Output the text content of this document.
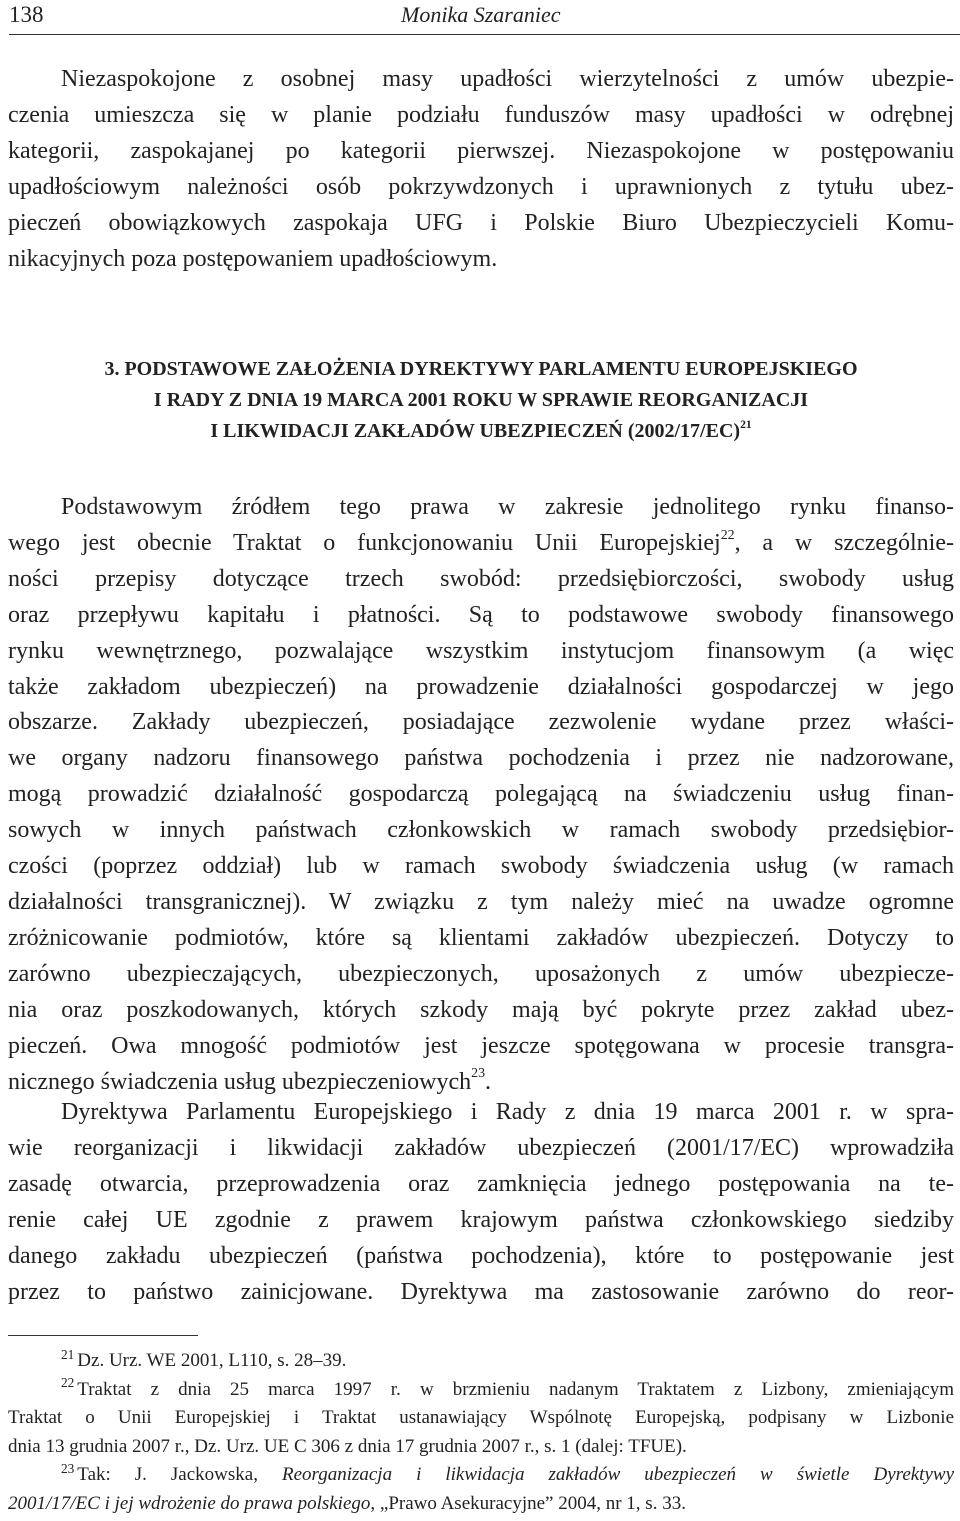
138	Monika Szaraniec

Niezaspokojone z osobnej masy upadłości wierzytelności z umów ubezpie-
czenia umieszcza się w planie podziału funduszów masy upadłości w odrębnej
kategorii, zaspokajanej po kategorii pierwszej. Niezaspokojone w postępowaniu
upadłościowym należności osób pokrzywdzonych i uprawnionych z tytułu ubez-
pieczeń obowiązkowych zaspokaja UFG i Polskie Biuro Ubezpieczycieli Komu-
nikacyjnych poza postępowaniem upadłościowym.

3. PODSTAWOWE ZAŁOŻENIA DYREKTYWY PARLAMENTU EUROPEJSKIEGO
I RADY Z DNIA 19 MARCA 2001 ROKU W SPRAWIE REORGANIZACJI
I LIKWIDACJI ZAKŁADÓW UBEZPIECZEŃ $(2002/17/EC)^{21}$

Podstawowym źródłem tego prawa w zakresie jednolitego rynku finanso-
wego jest obecnie Traktat o funkcjonowaniu Unii Europejskiej$^{22}$, a w szczególnie-
ności przepisy dotyczące trzech swobód: przedsiębiorczości, swobody usług
oraz przepływu kapitału i płatności. Są to podstawowe swobody finansowego
rynku wewnętrznego, pozwalające wszystkim instytucjom finansowym (a więc
także zakładom ubezpieczeń) na prowadzenie działalności gospodarczej w jego
obszarze. Zakłady ubezpieczeń, posiadające zezwolenie wydane przez właści-
we organy nadzoru finansowego państwa pochodzenia i przez nie nadzorowane,
mogą prowadzić działalność gospodarczą polegającą na świadczeniu usług finan-
sowych w innych państwach członkowskich w ramach swobody przedsiębior-
czości (poprzez oddział) lub w ramach swobody świadczenia usług (w ramach
działalności transgranicznej). W związku z tym należy mieć na uwadze ogromne
zróżnicowanie podmiotów, które są klientami zakładów ubezpieczeń. Dotyczy to
zarówno ubezpieczających, ubezpieczonych, uposażonych z umów ubezpiecze-
nia oraz poszkodowanych, których szkody mają być pokryte przez zakład ubez-
pieczeń. Owa mnogość podmiotów jest jeszcze spotęgowana w procesie transgra-
nicznego świadczenia usług ubezpieczeniowych$^{23}$.

Dyrektywa Parlamentu Europejskiego i Rady z dnia 19 marca 2001 r. w spra-
wie reorganizacji i likwidacji zakładów ubezpieczeń (2001/17/EC) wprowadziła
zasadę otwarcia, przeprowadzenia oraz zamknięcia jednego postępowania na te-
renie całej UE zgodnie z prawem krajowym państwa członkowskiego siedziby
danego zakładu ubezpieczeń (państwa pochodzenia), które to postępowanie jest
przez to państwo zainicjowane. Dyrektywa ma zastosowanie zarówno do reor-

$^{21}$ Dz. Urz. WE 2001, L110, s. 28–39.
$^{22}$ Traktat z dnia 25 marca 1997 r. w brzmieniu nadanym Traktatem z Lizbony, zmieniającym
Traktat o Unii Europejskiej i Traktat ustanawiający Wspólnotę Europejską, podpisany w Lizbonie
dnia 13 grudnia 2007 r., Dz. Urz. UE C 306 z dnia 17 grudnia 2007 r., s. 1 (dalej: TFUE).
$^{23}$ Tak: J. Jackowska, Reorganizacja i likwidacja zakładów ubezpieczeń w świetle Dyrektywy
2001/17/EC i jej wdrożenie do prawa polskiego, „Prawo Asekuracyjne” 2004, nr 1, s. 33.
